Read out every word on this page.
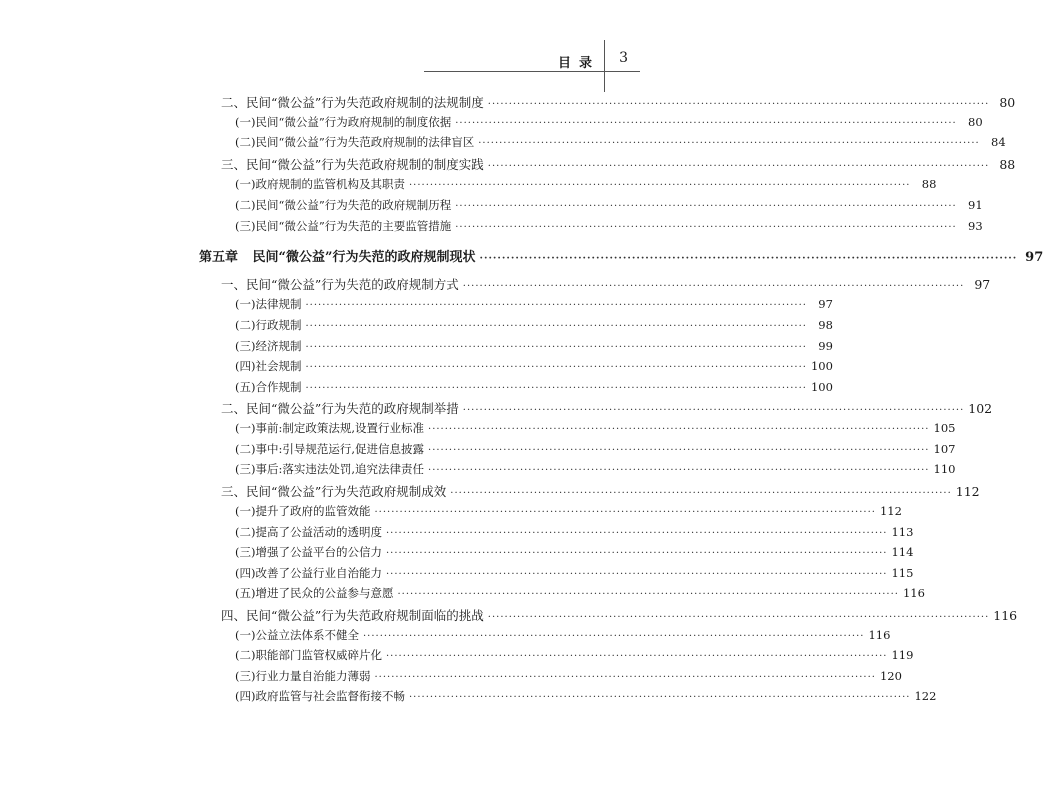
目录 3
二、民间“微公益”行为失范政府规制的法规制度 ························································································································ 80
(一)民间“微公益”行为政府规制的制度依据 ························································································································ 80
(二)民间“微公益”行为失范政府规制的法律盲区 ························································································································ 84
三、民间“微公益”行为失范政府规制的制度实践 ························································································································ 88
(一)政府规制的监管机构及其职责 ························································································································ 88
(二)民间“微公益”行为失范的政府规制历程 ························································································································ 91
(三)民间“微公益”行为失范的主要监管措施 ························································································································ 93
第五章 民间“微公益”行为失范的政府规制现状 ························································································································ 97
一、民间“微公益”行为失范的政府规制方式 ························································································································ 97
(一)法律规制 ························································································································ 97
(二)行政规制 ························································································································ 98
(三)经济规制 ························································································································ 99
(四)社会规制 ························································································································ 100
(五)合作规制 ························································································································ 100
二、民间“微公益”行为失范的政府规制举措 ························································································································ 102
(一)事前:制定政策法规,设置行业标准 ························································································································ 105
(二)事中:引导规范运行,促进信息披露 ························································································································ 107
(三)事后:落实违法处罚,追究法律责任 ························································································································ 110
三、民间“微公益”行为失范政府规制成效 ························································································································ 112
(一)提升了政府的监管效能 ························································································································ 112
(二)提高了公益活动的透明度 ························································································································ 113
(三)增强了公益平台的公信力 ························································································································ 114
(四)改善了公益行业自治能力 ························································································································ 115
(五)增进了民众的公益参与意愿 ························································································································ 116
四、民间“微公益”行为失范政府规制面临的挑战 ························································································································ 116
(一)公益立法体系不健全 ························································································································ 116
(二)职能部门监管权威碎片化 ························································································································ 119
(三)行业力量自治能力薄弱 ························································································································ 120
(四)政府监管与社会监督衔接不畅 ························································································································ 122
